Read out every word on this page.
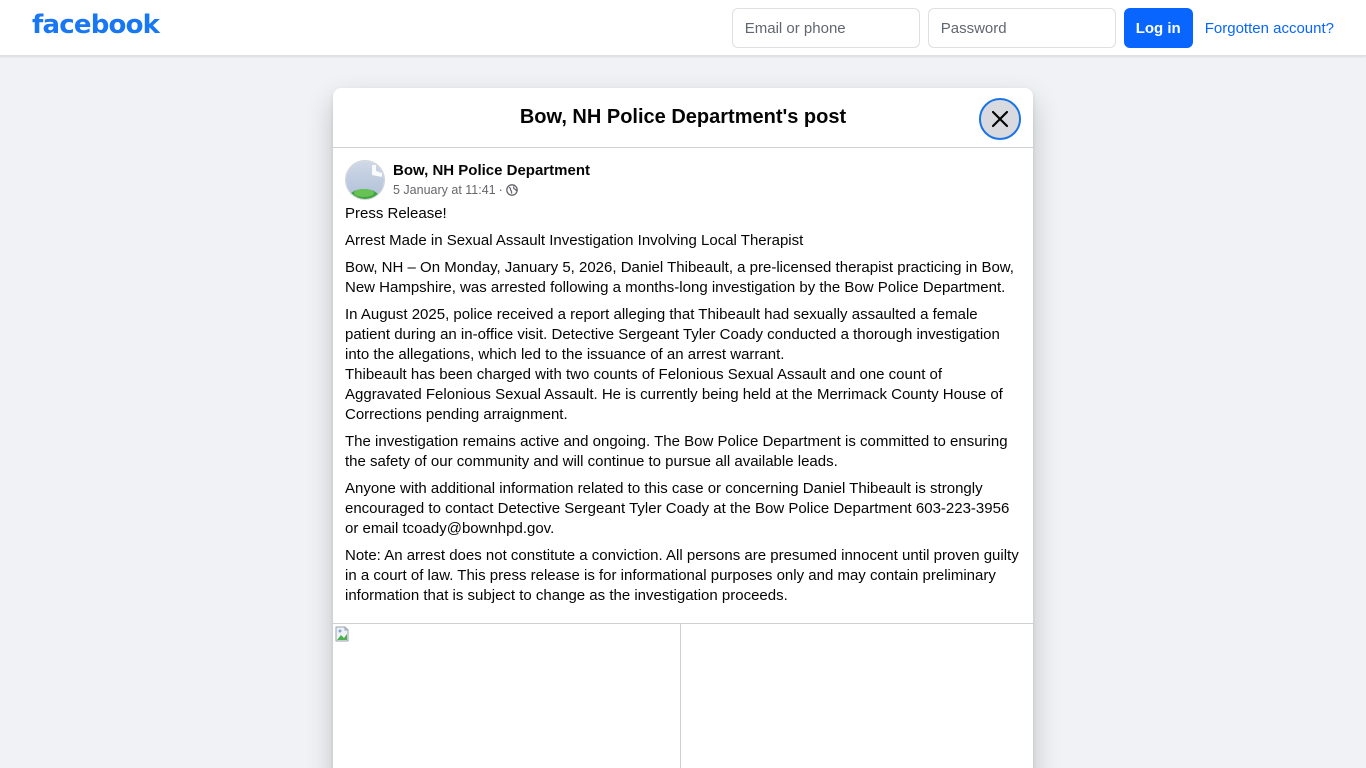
facebook
Email or phone	Log in	Forgotten account?
Bow, NH Police Department's post
Bow, NH Police Department
5 January at 11:41 ·

Press Release!

Arrest Made in Sexual Assault Investigation Involving Local Therapist

Bow, NH – On Monday, January 5, 2026, Daniel Thibeault, a pre-licensed therapist practicing in Bow, New Hampshire, was arrested following a months-long investigation by the Bow Police Department.

In August 2025, police received a report alleging that Thibeault had sexually assaulted a female patient during an in-office visit. Detective Sergeant Tyler Coady conducted a thorough investigation into the allegations, which led to the issuance of an arrest warrant.

Thibeault has been charged with two counts of Felonious Sexual Assault and one count of Aggravated Felonious Sexual Assault. He is currently being held at the Merrimack County House of Corrections pending arraignment.

The investigation remains active and ongoing. The Bow Police Department is committed to ensuring the safety of our community and will continue to pursue all available leads.

Anyone with additional information related to this case or concerning Daniel Thibeault is strongly encouraged to contact Detective Sergeant Tyler Coady at the Bow Police Department 603-223-3956 or email tcoady@bownhpd.gov.

Note: An arrest does not constitute a conviction. All persons are presumed innocent until proven guilty in a court of law. This press release is for informational purposes only and may contain preliminary information that is subject to change as the investigation proceeds.
